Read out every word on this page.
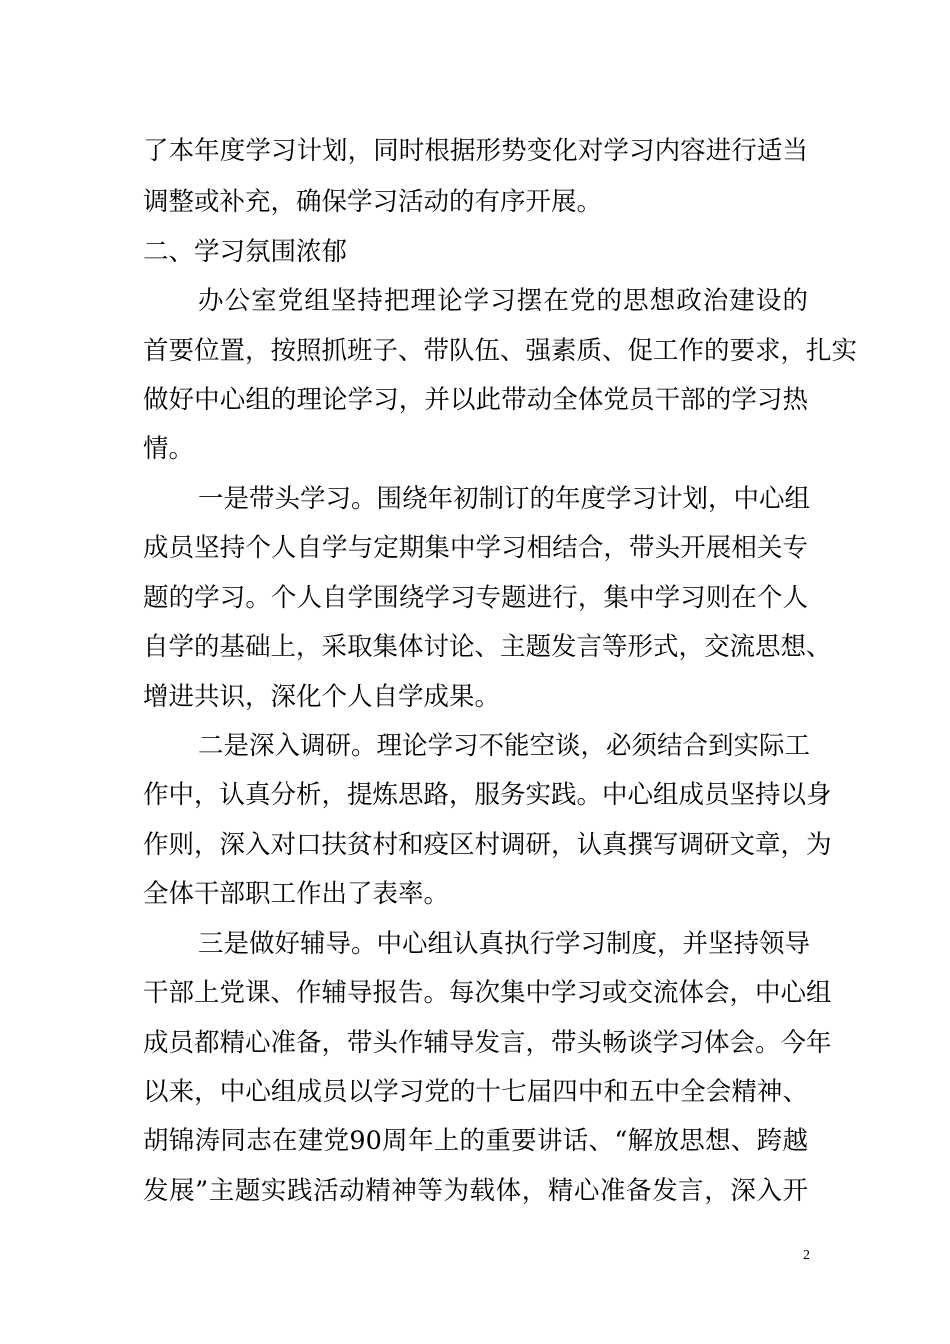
了本年度学习计划，同时根据形势变化对学习内容进行适当
调整或补充，确保学习活动的有序开展。
二、学习氛围浓郁
办公室党组坚持把理论学习摆在党的思想政治建设的
首要位置，按照抓班子、带队伍、强素质、促工作的要求，扎实
做好中心组的理论学习，并以此带动全体党员干部的学习热
情。
一是带头学习。围绕年初制订的年度学习计划，中心组
成员坚持个人自学与定期集中学习相结合，带头开展相关专
题的学习。个人自学围绕学习专题进行，集中学习则在个人
自学的基础上，采取集体讨论、主题发言等形式，交流思想、
增进共识，深化个人自学成果。
二是深入调研。理论学习不能空谈，必须结合到实际工
作中，认真分析，提炼思路，服务实践。中心组成员坚持以身
作则，深入对口扶贫村和疫区村调研，认真撰写调研文章，为
全体干部职工作出了表率。
三是做好辅导。中心组认真执行学习制度，并坚持领导
干部上党课、作辅导报告。每次集中学习或交流体会，中心组
成员都精心准备，带头作辅导发言，带头畅谈学习体会。今年
以来，中心组成员以学习党的十七届四中和五中全会精神、
胡锦涛同志在建党90周年上的重要讲话、“解放思想、跨越
发展”主题实践活动精神等为载体，精心准备发言，深入开
2
